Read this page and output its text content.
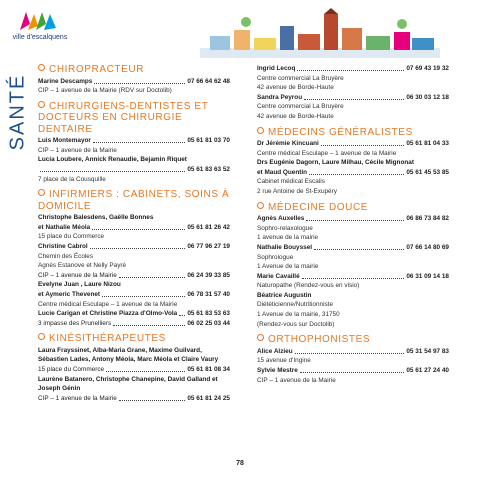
ville d'escalquens
SANTÉ
CHIROPRACTEUR
Marine Descamps	07 66 64 62 48
CIP – 1 avenue de la Mairie (RDV sur Doctolib)
CHIRURGIENS-DENTISTES ET DOCTEURS EN CHIRURGIE DENTAIRE
Luis Montemayor	05 61 81 03 70
CIP – 1 avenue de la Mairie
Lucia Loubere, Annick Renaudie, Bejamin Riquet
05 61 83 63 52
7 place de la Cousquille
INFIRMIERS : CABINETS, SOINS À DOMICILE
Christophe Balesdens, Gaëlle Bonnes
et Nathalie Méola	05 61 81 26 42
15 place du Commerce
Christine Cabrol	06 77 96 27 19
Chemin des Écoles
Agnès Estanove et Nelly Payré
CIP – 1 avenue de la Mairie	06 24 39 33 85
Evelyne Juan , Laure Nizou
et Aymeric Thevenet	06 78 31 57 40
Centre médical Esculape – 1 avenue de la Mairie
Lucie Carigan et Christine Piazza d'Olmo-Vola 05 61 83 53 63
3 impasse des Prunelliers	06 02 25 03 44
KINÉSITHÉRAPEUTES
Laura Frayssinet, Alba-Maria Grane, Maxime Guilvard,
Sébastien Lades, Antony Méola, Marc Méola et Claire Vaury
15 place du Commerce	05 61 81 08 34
Laurène Batanero, Christophe Chanepine, David Galland et
Joseph Génin
CIP – 1 avenue de la Mairie	05 61 81 24 25
Ingrid Lecoq	07 69 43 19 32
Centre commercial La Bruyère
42 avenue de Borde-Haute
Sandra Peyrou	06 30 03 12 18
Centre commercial La Bruyère
42 avenue de Borde-Haute
MÉDECINS GÉNÉRALISTES
Dr Jérémie Kincuani	05 61 81 04 33
Centre médical Esculape – 1 avenue de la Mairie
Drs Eugénie Dagorn, Laure Milhau, Cécile Mignonat
et Maud Quentin	05 61 45 53 85
Cabinet médical Escalis
2 rue Antoine de St-Exupéry
MÉDECINE DOUCE
Agnès Auxelles	06 86 73 84 82
Sophro-relaxologue
1 avenue de la mairie
Nathalie Bouyssel	07 66 14 80 69
Sophrologue
1 Avenue de la mairie
Marie Cavaillé	06 31 09 14 18
Naturopathe (Rendez-vous en visio)
Béatrice Augustin
Diététicienne/Nutritionniste
1 Avenue de la mairie, 31750
(Rendez-vous sur Doctolib)
ORTHOPHONISTES
Alice Alzieu	05 31 54 97 83
15 avenue d'Ingine
Sylvie Mestre	05 61 27 24 40
CIP – 1 avenue de la Mairie
78
